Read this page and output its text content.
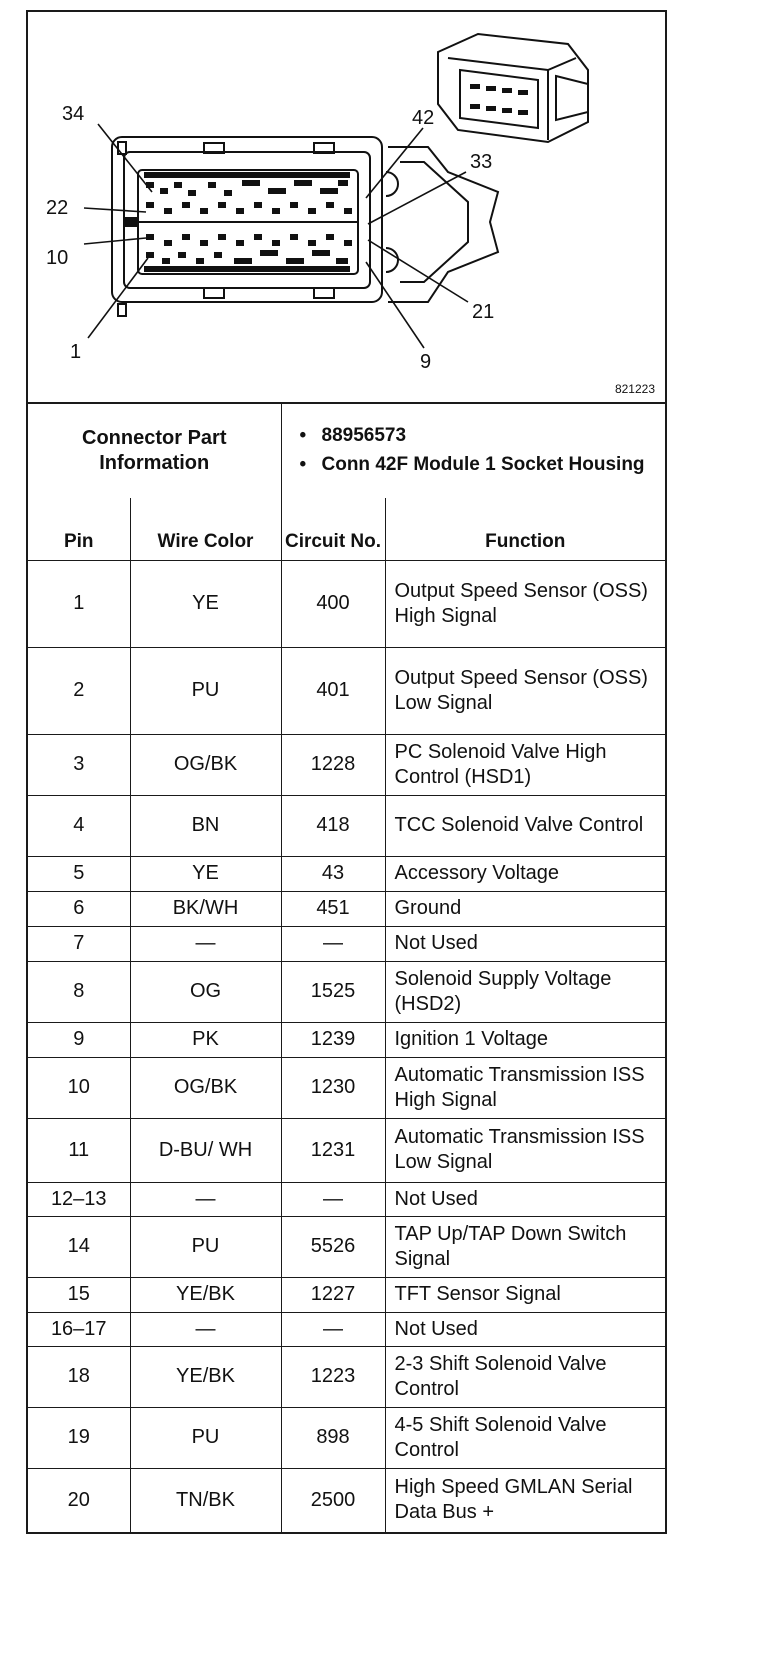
34	42
33
22
10
21
1	9
821223
Connector Part Information	
• 88956573
• Conn 42F Module 1 Socket Housing
Pin	Wire Color	Circuit No.	Function
1	YE	400	Output Speed Sensor (OSS) High Signal
2	PU	401	Output Speed Sensor (OSS) Low Signal
3	OG/BK	1228	PC Solenoid Valve High Control (HSD1)
4	BN	418	TCC Solenoid Valve Control
5	YE	43	Accessory Voltage
6	BK/WH	451	Ground
7	—	—	Not Used
8	OG	1525	Solenoid Supply Voltage (HSD2)
9	PK	1239	Ignition 1 Voltage
10	OG/BK	1230	Automatic Transmission ISS High Signal
11	D-BU/ WH	1231	Automatic Transmission ISS Low Signal
12–13	—	—	Not Used
14	PU	5526	TAP Up/TAP Down Switch Signal
15	YE/BK	1227	TFT Sensor Signal
16–17	—	—	Not Used
18	YE/BK	1223	2-3 Shift Solenoid Valve Control
19	PU	898	4-5 Shift Solenoid Valve Control
20	TN/BK	2500	High Speed GMLAN Serial Data Bus +
